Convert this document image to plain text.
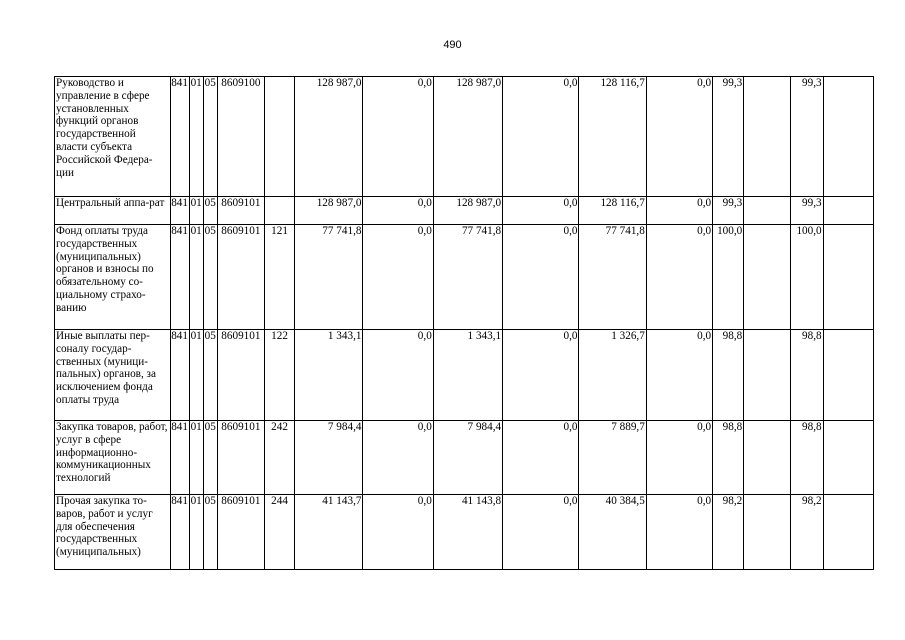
490
Руководство и управление в сфере установленных функций органов государственной власти субъекта Российской Федера-ции	841	01	05	8609100		128 987,0	0,0	128 987,0	0,0	128 116,7	0,0	99,3		99,3	
Центральный аппа-рат	841	01	05	8609101		128 987,0	0,0	128 987,0	0,0	128 116,7	0,0	99,3		99,3	
Фонд оплаты труда государственных (муниципальных) органов и взносы по обязательному со-циальному страхо-ванию	841	01	05	8609101	121	77 741,8	0,0	77 741,8	0,0	77 741,8	0,0	100,0		100,0	
Иные выплаты пер-соналу государ-ственных (муници-пальных) органов, за исключением фонда оплаты труда	841	01	05	8609101	122	1 343,1	0,0	1 343,1	0,0	1 326,7	0,0	98,8		98,8	
Закупка товаров, работ, услуг в сфере информационно-коммуникационных технологий	841	01	05	8609101	242	7 984,4	0,0	7 984,4	0,0	7 889,7	0,0	98,8		98,8	
Прочая закупка то-варов, работ и услуг для обеспечения государственных (муниципальных)	841	01	05	8609101	244	41 143,7	0,0	41 143,8	0,0	40 384,5	0,0	98,2		98,2	
